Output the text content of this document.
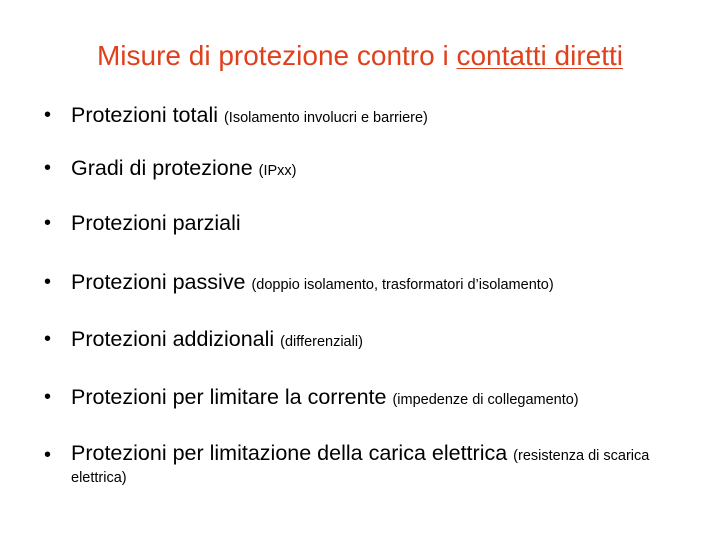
Misure di protezione contro i contatti diretti
• Protezioni totali (Isolamento involucri e barriere)
• Gradi di protezione (IPxx)
• Protezioni parziali
• Protezioni passive (doppio isolamento, trasformatori d’isolamento)
• Protezioni addizionali (differenziali)
• Protezioni per limitare la corrente (impedenze di collegamento)
• Protezioni per limitazione della carica elettrica (resistenza di scarica elettrica)
